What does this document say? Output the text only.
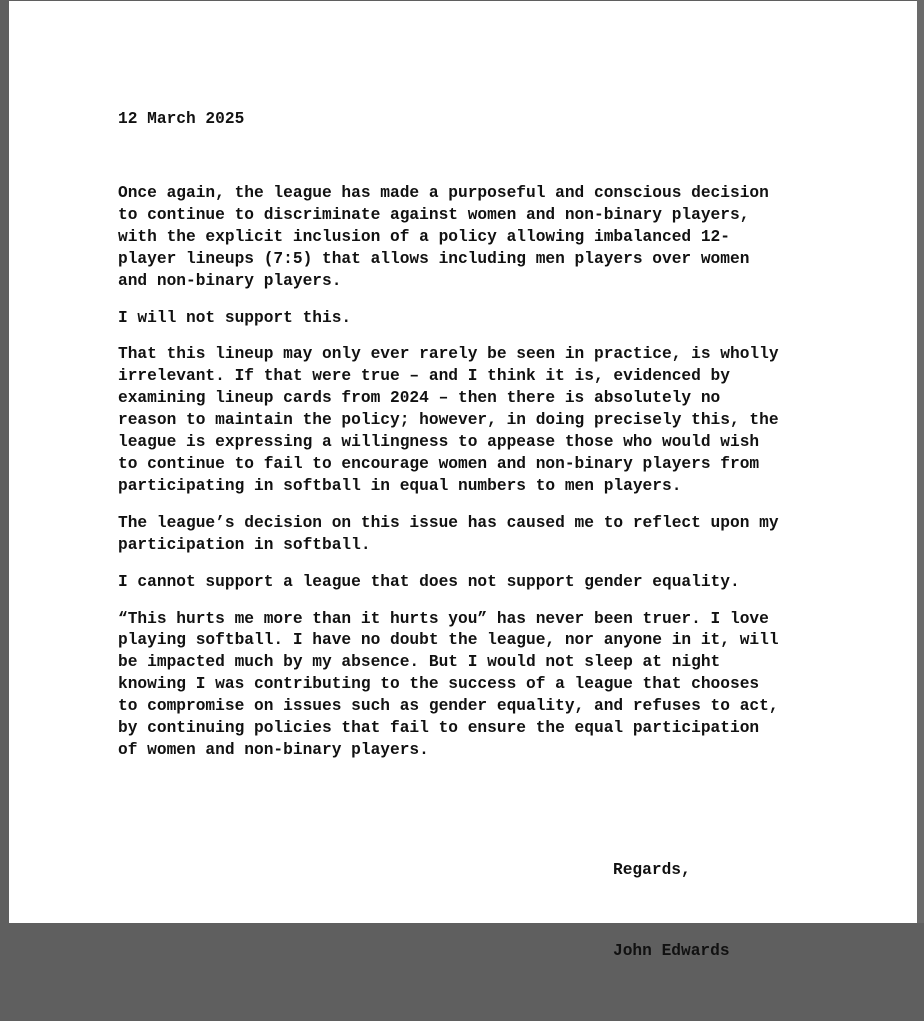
12 March 2025

Once again, the league has made a purposeful and conscious decision
to continue to discriminate against women and non-binary players,
with the explicit inclusion of a policy allowing imbalanced 12-
player lineups (7:5) that allows including men players over women
and non-binary players.

I will not support this.

That this lineup may only ever rarely be seen in practice, is wholly
irrelevant. If that were true – and I think it is, evidenced by
examining lineup cards from 2024 – then there is absolutely no
reason to maintain the policy; however, in doing precisely this, the
league is expressing a willingness to appease those who would wish
to continue to fail to encourage women and non-binary players from
participating in softball in equal numbers to men players.

The league’s decision on this issue has caused me to reflect upon my
participation in softball.

I cannot support a league that does not support gender equality.

“This hurts me more than it hurts you” has never been truer. I love
playing softball. I have no doubt the league, nor anyone in it, will
be impacted much by my absence. But I would not sleep at night
knowing I was contributing to the success of a league that chooses
to compromise on issues such as gender equality, and refuses to act,
by continuing policies that fail to ensure the equal participation
of women and non-binary players.

Regards,

John Edwards
